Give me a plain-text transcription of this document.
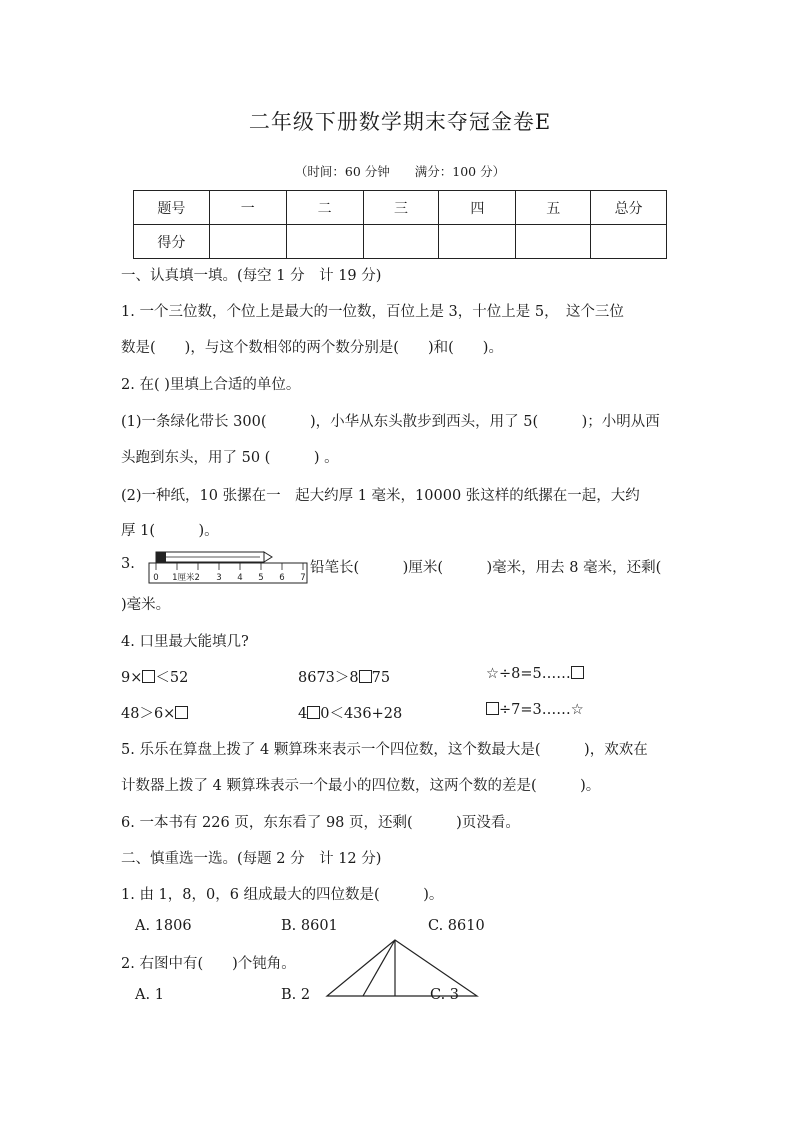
二年级下册数学期末夺冠金卷E
（时间：60 分钟　　满分：100 分）
题号	一	二	三	四	五	总分
得分						
一、认真填一填。(每空 1 分　计 19 分)
1. 一个三位数，个位上是最大的一位数，百位上是 3，十位上是 5，　这个三位
数是(　　)，与这个数相邻的两个数分别是(　　)和(　　)。
2. 在( )里填上合适的单位。
(1)一条绿化带长 300(　　　)，小华从东头散步到西头，用了 5(　　　)；小明从西
头跑到东头，用了 50 (　　　) 。
(2)一种纸，10 张摞在一　起大约厚 1 毫米，10000 张这样的纸摞在一起，大约
厚 1(　　　)。
3.
0 1厘米2 3 4 5 6 7
铅笔长(　　　)厘米(　　　)毫米，用去 8 毫米，还剩(
)毫米。
4. 口里最大能填几?
9× ＜52	8673＞8 75	☆÷8=5……
48＞6×	4 0＜436+28	÷7=3……☆
5. 乐乐在算盘上拨了 4 颗算珠来表示一个四位数，这个数最大是(　　　)，欢欢在
计数器上拨了 4 颗算珠表示一个最小的四位数，这两个数的差是(　　　)。
6. 一本书有 226 页，东东看了 98 页，还剩(　　　)页没看。
二、慎重选一选。(每题 2 分　计 12 分)
1. 由 1，8，0，6 组成最大的四位数是(　　　)。
A. 1806	B. 8601	C. 8610
2. 右图中有(　　)个钝角。
A. 1	B. 2	C. 3
